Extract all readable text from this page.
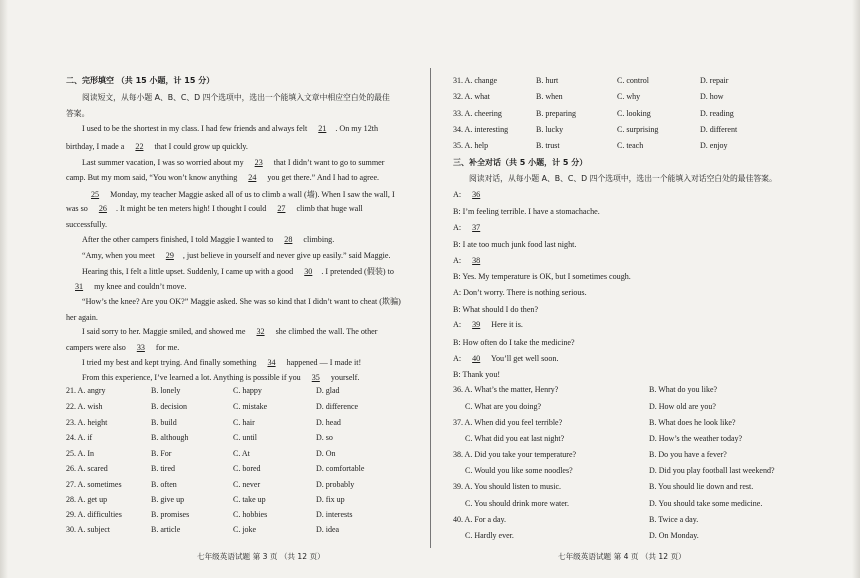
二、完形填空 （共 15 小题，计 15 分）
阅读短文，从每小题 A、B、C、D 四个选项中，选出一个能填入文章中相应空白处的最佳
答案。
I used to be the shortest in my class. I had few friends and always felt 21 . On my 12th
birthday, I made a 22 that I could grow up quickly.
Last summer vacation, I was so worried about my 23 that I didn’t want to go to summer
camp. But my mom said, “You won’t know anything 24 you get there.” And I had to agree.
25 Monday, my teacher Maggie asked all of us to climb a wall (墙). When I saw the wall, I
was so 26 . It might be ten meters high! I thought I could 27 climb that huge wall
successfully.
After the other campers finished, I told Maggie I wanted to 28 climbing.
“Amy, when you meet 29 , just believe in yourself and never give up easily.” said Maggie.
Hearing this, I felt a little upset. Suddenly, I came up with a good 30 . I pretended (假装) to
31 my knee and couldn’t move.
“How’s the knee? Are you OK?” Maggie asked. She was so kind that I didn’t want to cheat (欺骗)
her again.
I said sorry to her. Maggie smiled, and showed me 32 she climbed the wall. The other
campers were also 33 for me.
I tried my best and kept trying. And finally something 34 happened — I made it!
From this experience, I’ve learned a lot. Anything is possible if you 35 yourself.
21. A. angry	B. lonely	C. happy	D. glad
22. A. wish	B. decision	C. mistake	D. difference
23. A. height	B. build	C. hair	D. head
24. A. if	B. although	C. until	D. so
25. A. In	B. For	C. At	D. On
26. A. scared	B. tired	C. bored	D. comfortable
27. A. sometimes	B. often	C. never	D. probably
28. A. get up	B. give up	C. take up	D. fix up
29. A. difficulties	B. promises	C. hobbies	D. interests
30. A. subject	B. article	C. joke	D. idea
31. A. change	B. hurt	C. control	D. repair
32. A. what	B. when	C. why	D. how
33. A. cheering	B. preparing	C. looking	D. reading
34. A. interesting	B. lucky	C. surprising	D. different
35. A. help	B. trust	C. teach	D. enjoy
三、补全对话（共 5 小题，计 5 分）
阅读对话，从每小题 A、B、C、D 四个选项中，选出一个能填入对话空白处的最佳答案。
A: 36
B: I’m feeling terrible. I have a stomachache.
A: 37
B: I ate too much junk food last night.
A: 38
B: Yes. My temperature is OK, but I sometimes cough.
A: Don’t worry. There is nothing serious.
B: What should I do then?
A: 39 Here it is.
B: How often do I take the medicine?
A: 40 You’ll get well soon.
B: Thank you!
36. A. What’s the matter, Henry?	B. What do you like?
C. What are you doing?	D. How old are you?
37. A. When did you feel terrible?	B. What does he look like?
C. What did you eat last night?	D. How’s the weather today?
38. A. Did you take your temperature?	B. Do you have a fever?
C. Would you like some noodles?	D. Did you play football last weekend?
39. A. You should listen to music.	B. You should lie down and rest.
C. You should drink more water.	D. You should take some medicine.
40. A. For a day.	B. Twice a day.
C. Hardly ever.	D. On Monday.
七年级英语试题 第 3 页 （共 12 页）	七年级英语试题 第 4 页 （共 12 页）
